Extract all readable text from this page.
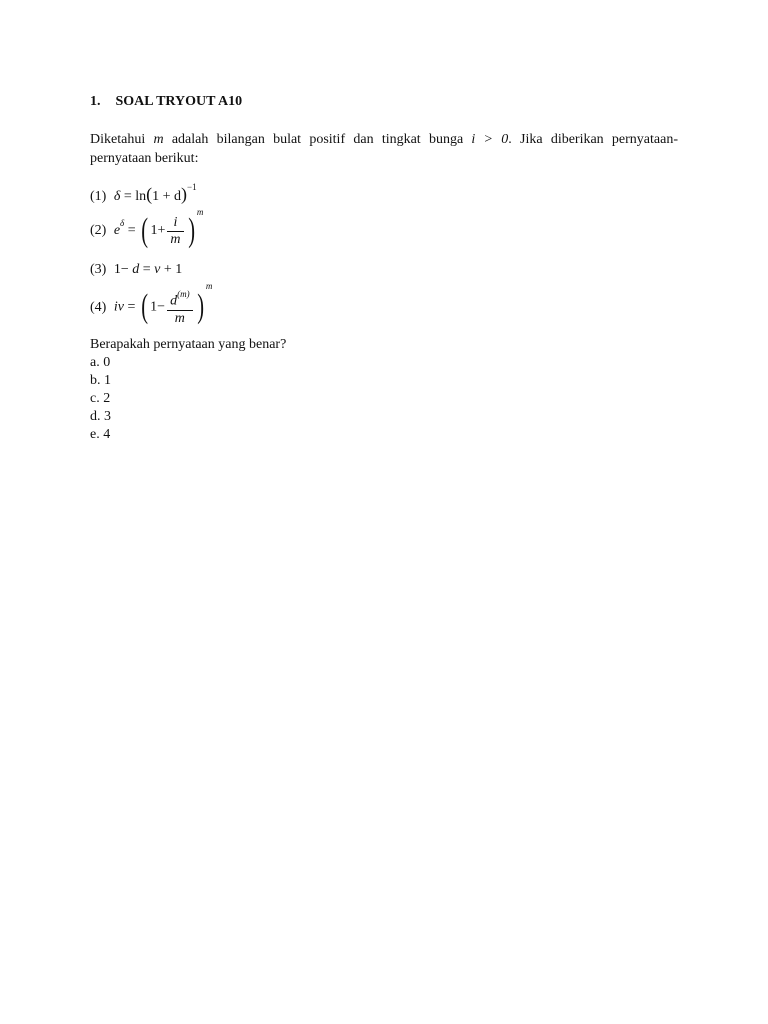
1. SOAL TRYOUT A10
Diketahui m adalah bilangan bulat positif dan tingkat bunga i > 0. Jika diberikan pernyataan-
pernyataan berikut:
(1) $\delta = \ln(1 + d)^{-1}$
(2) $e^\delta$ = ( $1+ \frac{i}{m} )^m$
(3) 1− d = v + 1
(4) iv = ( $1- \frac{d^{(m)}}{m} )^m$
Berapakah pernyataan yang benar?
a. 0
b. 1
c. 2
d. 3
e. 4
